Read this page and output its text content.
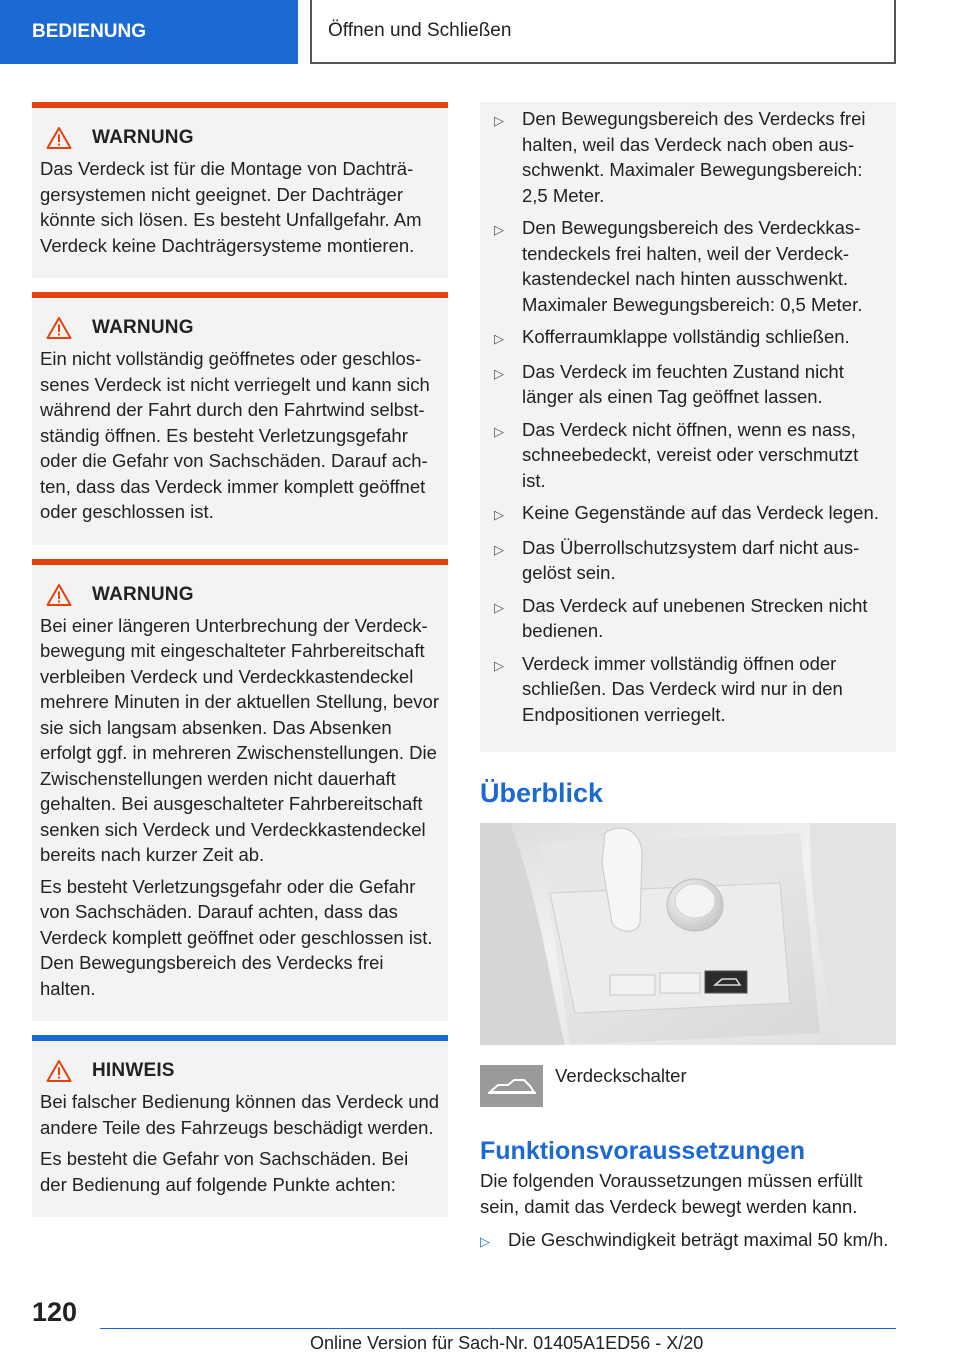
BEDIENUNG	Öffnen und Schließen
WARNUNG

Das Verdeck ist für die Montage von Dachträgersystemen nicht geeignet. Der Dachträger könnte sich lösen. Es besteht Unfallgefahr. Am Verdeck keine Dachträgersysteme montieren.

WARNUNG

Ein nicht vollständig geöffnetes oder geschlossenes Verdeck ist nicht verriegelt und kann sich während der Fahrt durch den Fahrtwind selbstständig öffnen. Es besteht Verletzungsgefahr oder die Gefahr von Sachschäden. Darauf achten, dass das Verdeck immer komplett geöffnet oder geschlossen ist.

WARNUNG

Bei einer längeren Unterbrechung der Verdeckbewegung mit eingeschalteter Fahrbereitschaft verbleiben Verdeck und Verdeckkastendeckel mehrere Minuten in der aktuellen Stellung, bevor sie sich langsam absenken. Das Absenken erfolgt ggf. in mehreren Zwischenstellungen. Die Zwischenstellungen werden nicht dauerhaft gehalten. Bei ausgeschalteter Fahrbereitschaft senken sich Verdeck und Verdeckkastendeckel bereits nach kurzer Zeit ab.

Es besteht Verletzungsgefahr oder die Gefahr von Sachschäden. Darauf achten, dass das Verdeck komplett geöffnet oder geschlossen ist. Den Bewegungsbereich des Verdecks frei halten.

HINWEIS

Bei falscher Bedienung können das Verdeck und andere Teile des Fahrzeugs beschädigt werden.

Es besteht die Gefahr von Sachschäden. Bei der Bedienung auf folgende Punkte achten:

▷ Den Bewegungsbereich des Verdecks frei halten, weil das Verdeck nach oben ausschwenkt. Maximaler Bewegungsbereich: 2,5 Meter.
▷ Den Bewegungsbereich des Verdeckkastendeckels frei halten, weil der Verdeckkastendeckel nach hinten ausschwenkt. Maximaler Bewegungsbereich: 0,5 Meter.
▷ Kofferraumklappe vollständig schließen.
▷ Das Verdeck im feuchten Zustand nicht länger als einen Tag geöffnet lassen.
▷ Das Verdeck nicht öffnen, wenn es nass, schneebedeckt, vereist oder verschmutzt ist.
▷ Keine Gegenstände auf das Verdeck legen.
▷ Das Überrollschutzsystem darf nicht ausgelöst sein.
▷ Das Verdeck auf unebenen Strecken nicht bedienen.
▷ Verdeck immer vollständig öffnen oder schließen. Das Verdeck wird nur in den Endpositionen verriegelt.
Überblick
Verdeckschalter
Funktionsvoraussetzungen

Die folgenden Voraussetzungen müssen erfüllt sein, damit das Verdeck bewegt werden kann.

▷ Die Geschwindigkeit beträgt maximal 50 km/h.
120
Online Version für Sach-Nr. 01405A1ED56 - X/20
